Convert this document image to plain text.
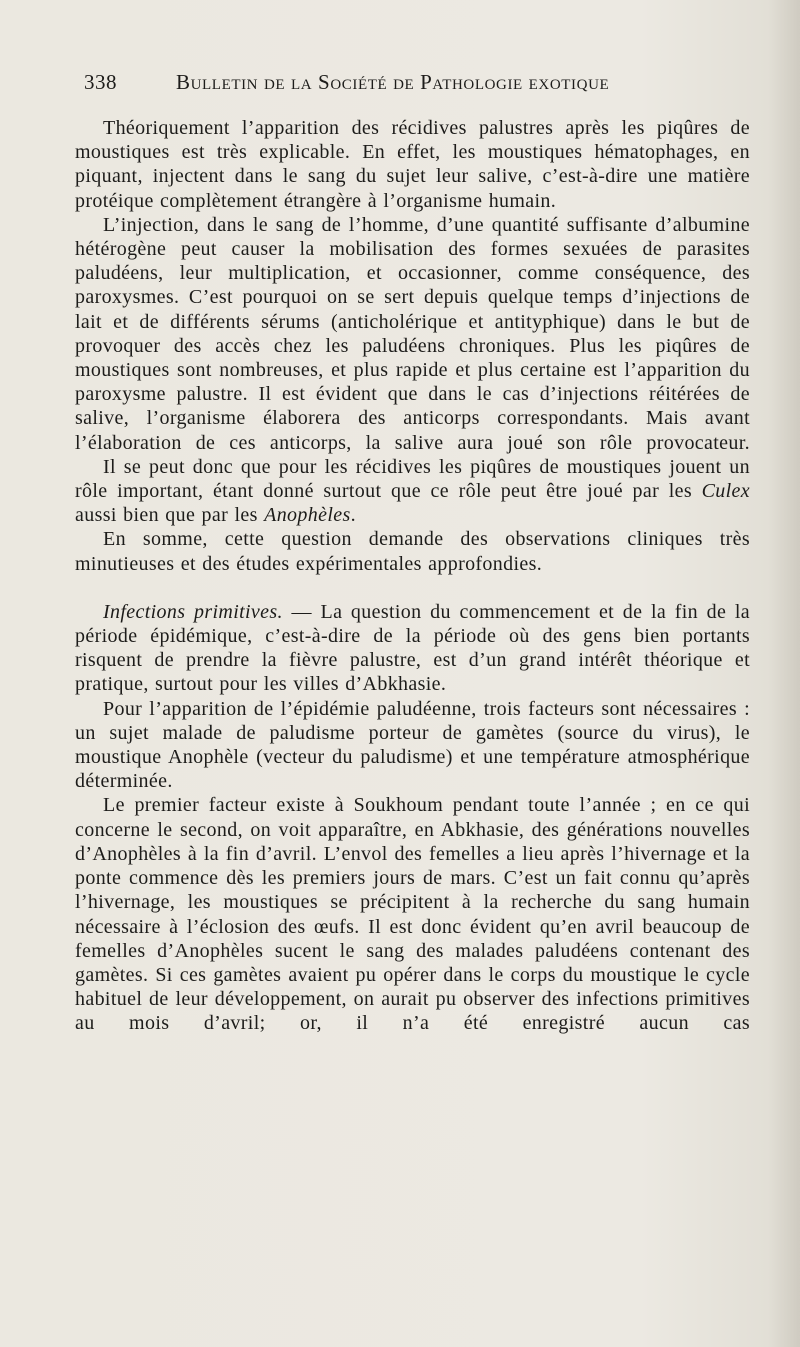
338	Bulletin de la Société de Pathologie exotique

Théoriquement l’apparition des récidives palustres après les piqûres de moustiques est très explicable. En effet, les moustiques hématophages, en piquant, injectent dans le sang du sujet leur salive, c’est-à-dire une matière protéique complètement étrangère à l’organisme humain.

L’injection, dans le sang de l’homme, d’une quantité suffisante d’albumine hétérogène peut causer la mobilisation des formes sexuées de parasites paludéens, leur multiplication, et occasionner, comme conséquence, des paroxysmes. C’est pourquoi on se sert depuis quelque temps d’injections de lait et de différents sérums (anticholérique et antityphique) dans le but de provoquer des accès chez les paludéens chroniques. Plus les piqûres de moustiques sont nombreuses, et plus rapide et plus certaine est l’apparition du paroxysme palustre. Il est évident que dans le cas d’injections réitérées de salive, l’organisme élaborera des anticorps correspondants. Mais avant l’élaboration de ces anticorps, la salive aura joué son rôle provocateur.

Il se peut donc que pour les récidives les piqûres de moustiques jouent un rôle important, étant donné surtout que ce rôle peut être joué par les Culex aussi bien que par les Anophèles.

En somme, cette question demande des observations cliniques très minutieuses et des études expérimentales approfondies.

Infections primitives. — La question du commencement et de la fin de la période épidémique, c’est-à-dire de la période où des gens bien portants risquent de prendre la fièvre palustre, est d’un grand intérêt théorique et pratique, surtout pour les villes d’Abkhasie.

Pour l’apparition de l’épidémie paludéenne, trois facteurs sont nécessaires : un sujet malade de paludisme porteur de gamètes (source du virus), le moustique Anophèle (vecteur du paludisme) et une température atmosphérique déterminée.

Le premier facteur existe à Soukhoum pendant toute l’année ; en ce qui concerne le second, on voit apparaître, en Abkhasie, des générations nouvelles d’Anophèles à la fin d’avril. L’envol des femelles a lieu après l’hivernage et la ponte commence dès les premiers jours de mars. C’est un fait connu qu’après l’hivernage, les moustiques se précipitent à la recherche du sang humain nécessaire à l’éclosion des œufs. Il est donc évident qu’en avril beaucoup de femelles d’Anophèles sucent le sang des malades paludéens contenant des gamètes. Si ces gamètes avaient pu opérer dans le corps du moustique le cycle habituel de leur développement, on aurait pu observer des infections primitives au mois d’avril; or, il n’a été enregistré aucun cas
